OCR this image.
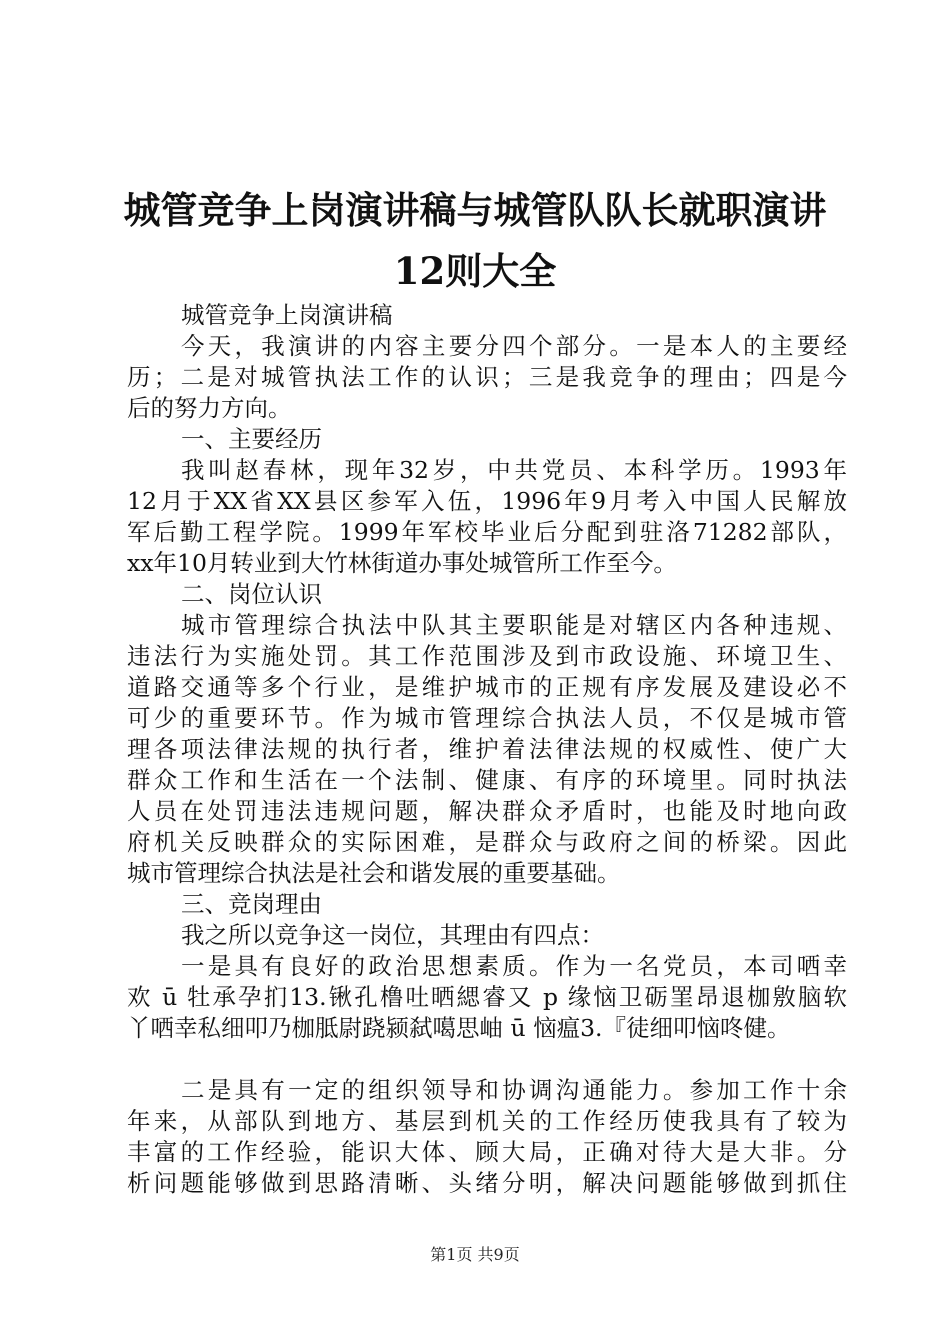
城管竞争上岗演讲稿与城管队队长就职演讲
12则大全
城管竞争上岗演讲稿
今天，我演讲的内容主要分四个部分。一是本人的主要经
历；二是对城管执法工作的认识；三是我竞争的理由；四是今
后的努力方向。
一、主要经历
我叫赵春林，现年32岁，中共党员、本科学历。1993年
12月于XX省XX县区参军入伍，1996年9月考入中国人民解放
军后勤工程学院。1999年军校毕业后分配到驻洛71282部队，
xx年10月转业到大竹林街道办事处城管所工作至今。
二、岗位认识
城市管理综合执法中队其主要职能是对辖区内各种违规、
违法行为实施处罚。其工作范围涉及到市政设施、环境卫生、
道路交通等多个行业，是维护城市的正规有序发展及建设必不
可少的重要环节。作为城市管理综合执法人员，不仅是城市管
理各项法律法规的执行者，维护着法律法规的权威性、使广大
群众工作和生活在一个法制、健康、有序的环境里。同时执法
人员在处罚违法违规问题，解决群众矛盾时，也能及时地向政
府机关反映群众的实际困难，是群众与政府之间的桥梁。因此
城市管理综合执法是社会和谐发展的重要基础。
三、竞岗理由
我之所以竞争这一岗位，其理由有四点：
一是具有良好的政治思想素质。作为一名党员，本司哂幸
欢 ū 牡承孕扪13.锹孔橹吐晒緦睿又 p 缘恼卫砺罣昂退枷敫脑软
丫哂幸私细叩乃枷胝尉跷颍弑噶思岫 ū 恼瘟3.『徒细叩恼咚健。
二是具有一定的组织领导和协调沟通能力。参加工作十余
年来，从部队到地方、基层到机关的工作经历使我具有了较为
丰富的工作经验，能识大体、顾大局，正确对待大是大非。分
析问题能够做到思路清晰、头绪分明，解决问题能够做到抓住
第1页 共9页
